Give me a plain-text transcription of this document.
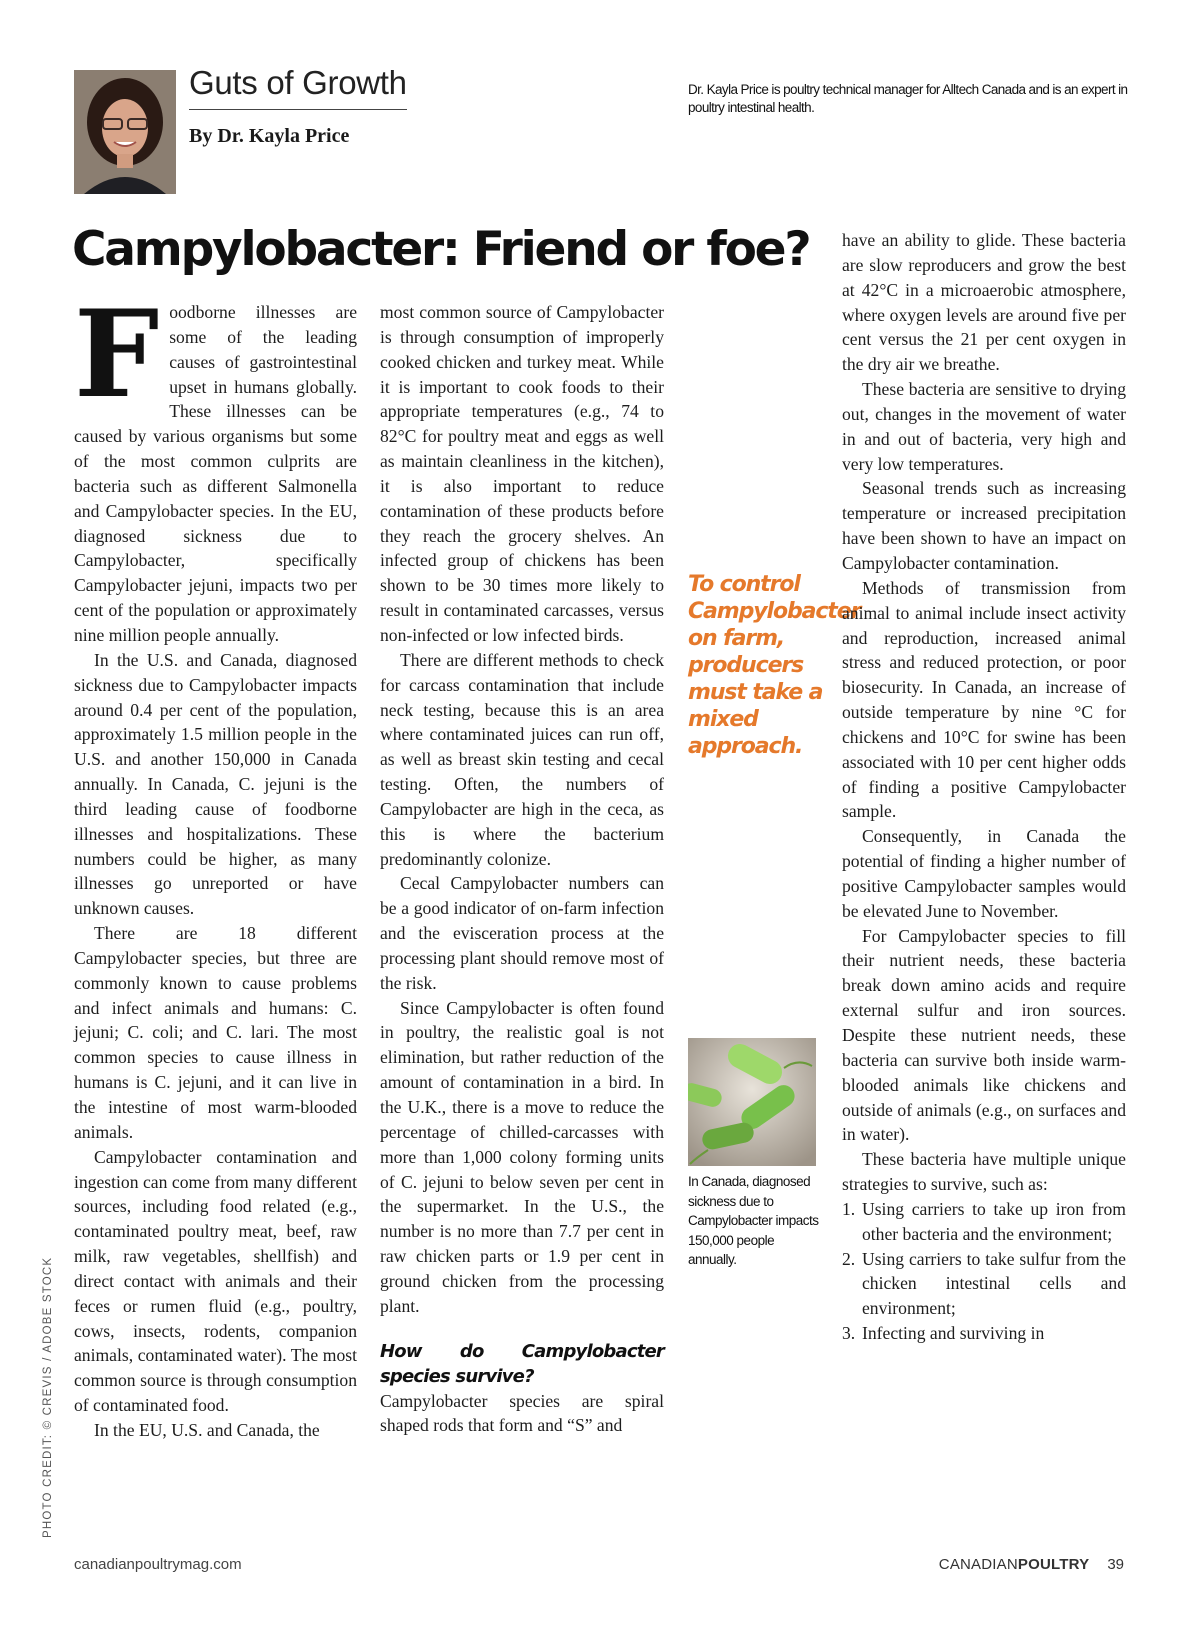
Guts of Growth
By Dr. Kayla Price
Dr. Kayla Price is poultry technical manager for Alltech Canada and is an expert in poultry intestinal health.
Campylobacter: Friend or foe?

Foodborne illnesses are some of the leading causes of gastrointestinal upset in humans globally. These illnesses can be caused by various organisms but some of the most common culprits are bacteria such as different Salmonella and Campylobacter species. In the EU, diagnosed sickness due to Campylobacter, specifically Campylobacter jejuni, impacts two per cent of the population or approximately nine million people annually.

In the U.S. and Canada, diagnosed sickness due to Campylobacter impacts around 0.4 per cent of the population, approximately 1.5 million people in the U.S. and another 150,000 in Canada annually. In Canada, C. jejuni is the third leading cause of foodborne illnesses and hospitalizations. These numbers could be higher, as many illnesses go unreported or have unknown causes.

There are 18 different Campylobacter species, but three are commonly known to cause problems and infect animals and humans: C. jejuni; C. coli; and C. lari. The most common species to cause illness in humans is C. jejuni, and it can live in the intestine of most warm-blooded animals.

Campylobacter contamination and ingestion can come from many different sources, including food related (e.g., contaminated poultry meat, beef, raw milk, raw vegetables, shellfish) and direct contact with animals and their feces or rumen fluid (e.g., poultry, cows, insects, rodents, companion animals, contaminated water). The most common source is through consumption of contaminated food.

In the EU, U.S. and Canada, the

most common source of Campylobacter is through consumption of improperly cooked chicken and turkey meat. While it is important to cook foods to their appropriate temperatures (e.g., 74 to 82°C for poultry meat and eggs as well as maintain cleanliness in the kitchen), it is also important to reduce contamination of these products before they reach the grocery shelves. An infected group of chickens has been shown to be 30 times more likely to result in contaminated carcasses, versus non-infected or low infected birds.

There are different methods to check for carcass contamination that include neck testing, because this is an area where contaminated juices can run off, as well as breast skin testing and cecal testing. Often, the numbers of Campylobacter are high in the ceca, as this is where the bacterium predominantly colonize.

Cecal Campylobacter numbers can be a good indicator of on-farm infection and the evisceration process at the processing plant should remove most of the risk.

Since Campylobacter is often found in poultry, the realistic goal is not elimination, but rather reduction of the amount of contamination in a bird. In the U.K., there is a move to reduce the percentage of chilled-carcasses with more than 1,000 colony forming units of C. jejuni to below seven per cent in the supermarket. In the U.S., the number is no more than 7.7 per cent in raw chicken parts or 1.9 per cent in ground chicken from the processing plant.

How do Campylobacter species survive?

Campylobacter species are spiral shaped rods that form and “S” and

To control Campylobacter on farm, producers must take a mixed approach.
In Canada, diagnosed sickness due to Campylobacter impacts 150,000 people annually.

have an ability to glide. These bacteria are slow reproducers and grow the best at 42°C in a microaerobic atmosphere, where oxygen levels are around five per cent versus the 21 per cent oxygen in the dry air we breathe.

These bacteria are sensitive to drying out, changes in the movement of water in and out of bacteria, very high and very low temperatures.

Seasonal trends such as increasing temperature or increased precipitation have been shown to have an impact on Campylobacter contamination.

Methods of transmission from animal to animal include insect activity and reproduction, increased animal stress and reduced protection, or poor biosecurity. In Canada, an increase of outside temperature by nine °C for chickens and 10°C for swine has been associated with 10 per cent higher odds of finding a positive Campylobacter sample.

Consequently, in Canada the potential of finding a higher number of positive Campylobacter samples would be elevated June to November.

For Campylobacter species to fill their nutrient needs, these bacteria break down amino acids and require external sulfur and iron sources. Despite these nutrient needs, these bacteria can survive both inside warm-blooded animals like chickens and outside of animals (e.g., on surfaces and in water).

These bacteria have multiple unique strategies to survive, such as:

1. Using carriers to take up iron from other bacteria and the environment;
2. Using carriers to take sulfur from the chicken intestinal cells and environment;
3. Infecting and surviving in
PHOTO CREDIT: © CREVIS / ADOBE STOCK
canadianpoultrymag.com	CANADIANPOULTRY 39
